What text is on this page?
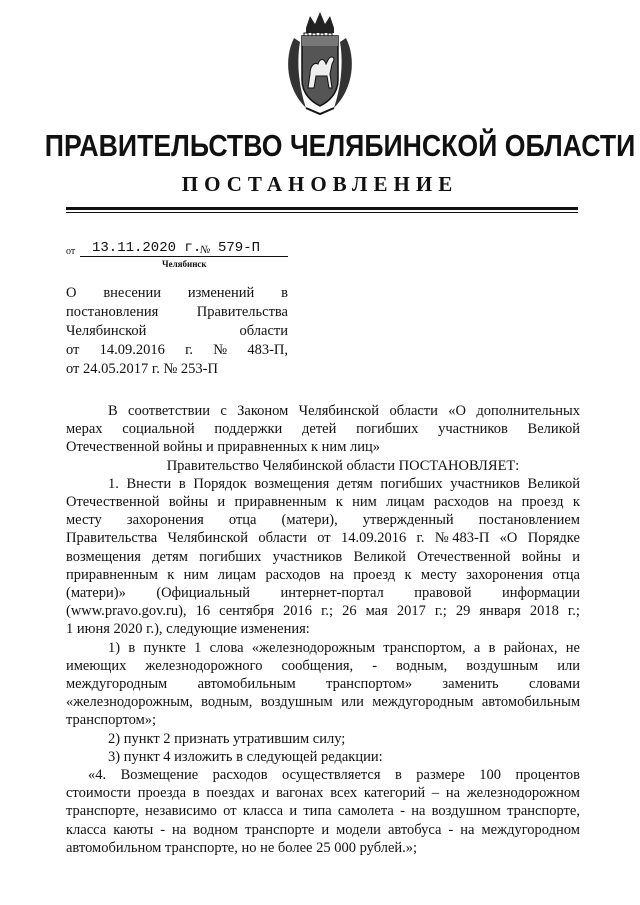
ПРАВИТЕЛЬСТВО ЧЕЛЯБИНСКОЙ ОБЛАСТИ
ПОСТАНОВЛЕНИЕ
от 13.11.2020 г.
№ 579-П
Челябинск
О внесении изменений в
постановления	Правительства
Челябинской	области
от 14.09.2016 г. № 483-П,
от 24.05.2017 г. № 253-П
В соответствии с Законом Челябинской области «О дополнительных
мерах социальной поддержки детей погибших участников Великой
Отечественной войны и приравненных к ним лиц»
Правительство Челябинской области ПОСТАНОВЛЯЕТ:
1. Внести в Порядок возмещения детям погибших участников Великой
Отечественной войны и приравненным к ним лицам расходов на проезд к
месту захоронения отца (матери), утвержденный постановлением
Правительства Челябинской области от 14.09.2016 г. № 483-П «О Порядке
возмещения детям погибших участников Великой Отечественной войны и
приравненным к ним лицам расходов на проезд к месту захоронения отца
(матери)» (Официальный интернет-портал правовой информации
(www.pravo.gov.ru), 16 сентября 2016 г.; 26 мая 2017 г.; 29 января 2018 г.;
1 июня 2020 г.), следующие изменения:
1) в пункте 1 слова «железнодорожным транспортом, а в районах, не
имеющих железнодорожного сообщения, - водным, воздушным или
междугородным автомобильным транспортом» заменить словами
«железнодорожным, водным, воздушным или междугородным автомобильным
транспортом»;
2) пункт 2 признать утратившим силу;
3) пункт 4 изложить в следующей редакции:
«4. Возмещение расходов осуществляется в размере 100 процентов
стоимости проезда в поездах и вагонах всех категорий – на железнодорожном
транспорте, независимо от класса и типа самолета - на воздушном транспорте,
класса каюты - на водном транспорте и модели автобуса - на междугородном
автомобильном транспорте, но не более 25 000 рублей.»;
